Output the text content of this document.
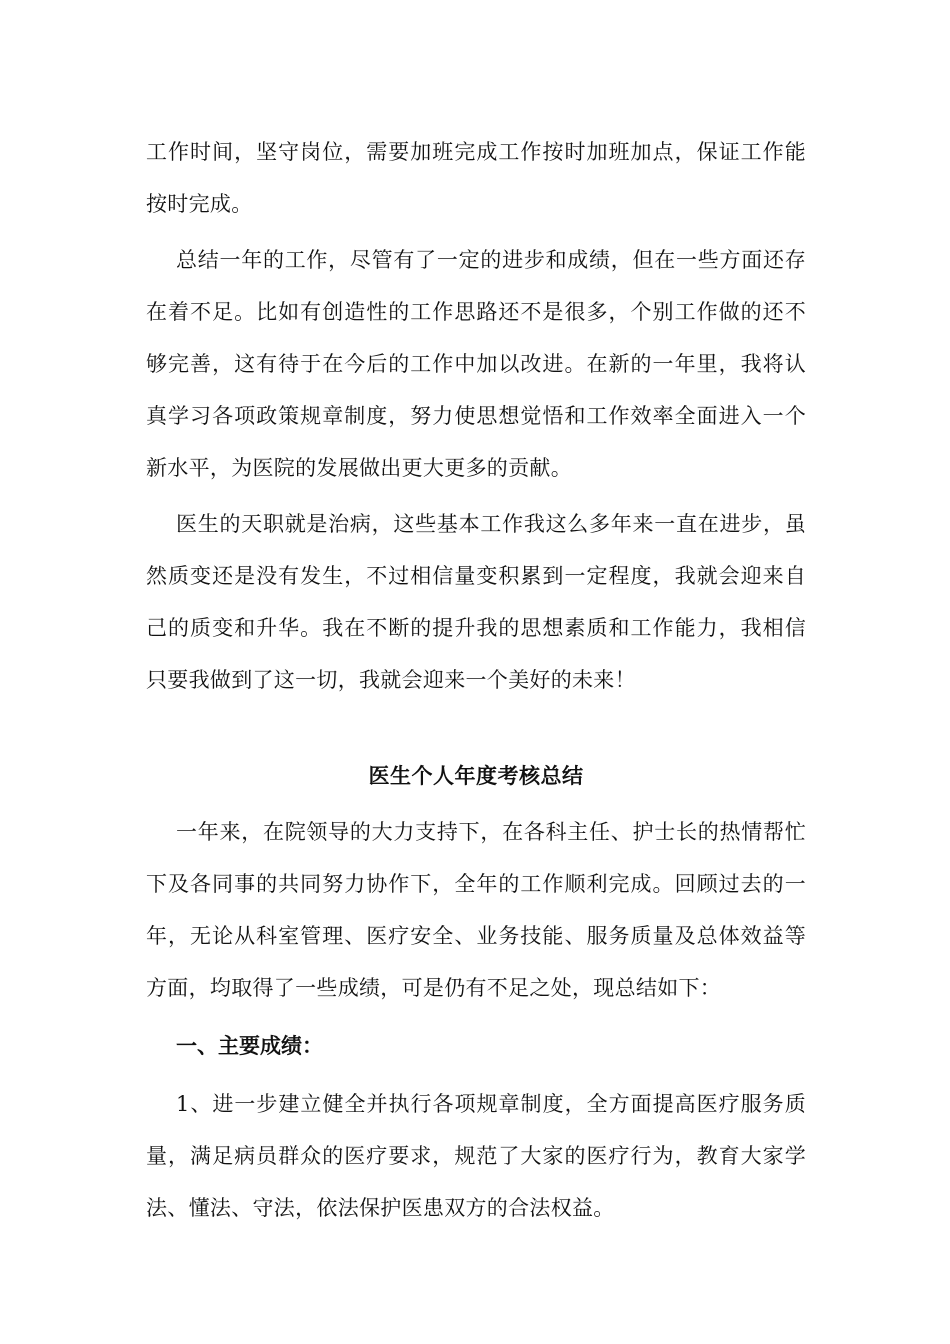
工作时间，坚守岗位，需要加班完成工作按时加班加点，保证工作能按时完成。

总结一年的工作，尽管有了一定的进步和成绩，但在一些方面还存在着不足。比如有创造性的工作思路还不是很多，个别工作做的还不够完善，这有待于在今后的工作中加以改进。在新的一年里，我将认真学习各项政策规章制度，努力使思想觉悟和工作效率全面进入一个新水平，为医院的发展做出更大更多的贡献。

医生的天职就是治病，这些基本工作我这么多年来一直在进步，虽然质变还是没有发生，不过相信量变积累到一定程度，我就会迎来自己的质变和升华。我在不断的提升我的思想素质和工作能力，我相信只要我做到了这一切，我就会迎来一个美好的未来！

医生个人年度考核总结

一年来，在院领导的大力支持下，在各科主任、护士长的热情帮忙下及各同事的共同努力协作下，全年的工作顺利完成。回顾过去的一年，无论从科室管理、医疗安全、业务技能、服务质量及总体效益等方面，均取得了一些成绩，可是仍有不足之处，现总结如下：

一、主要成绩：

1、进一步建立健全并执行各项规章制度，全方面提高医疗服务质量，满足病员群众的医疗要求，规范了大家的医疗行为，教育大家学法、懂法、守法，依法保护医患双方的合法权益。
